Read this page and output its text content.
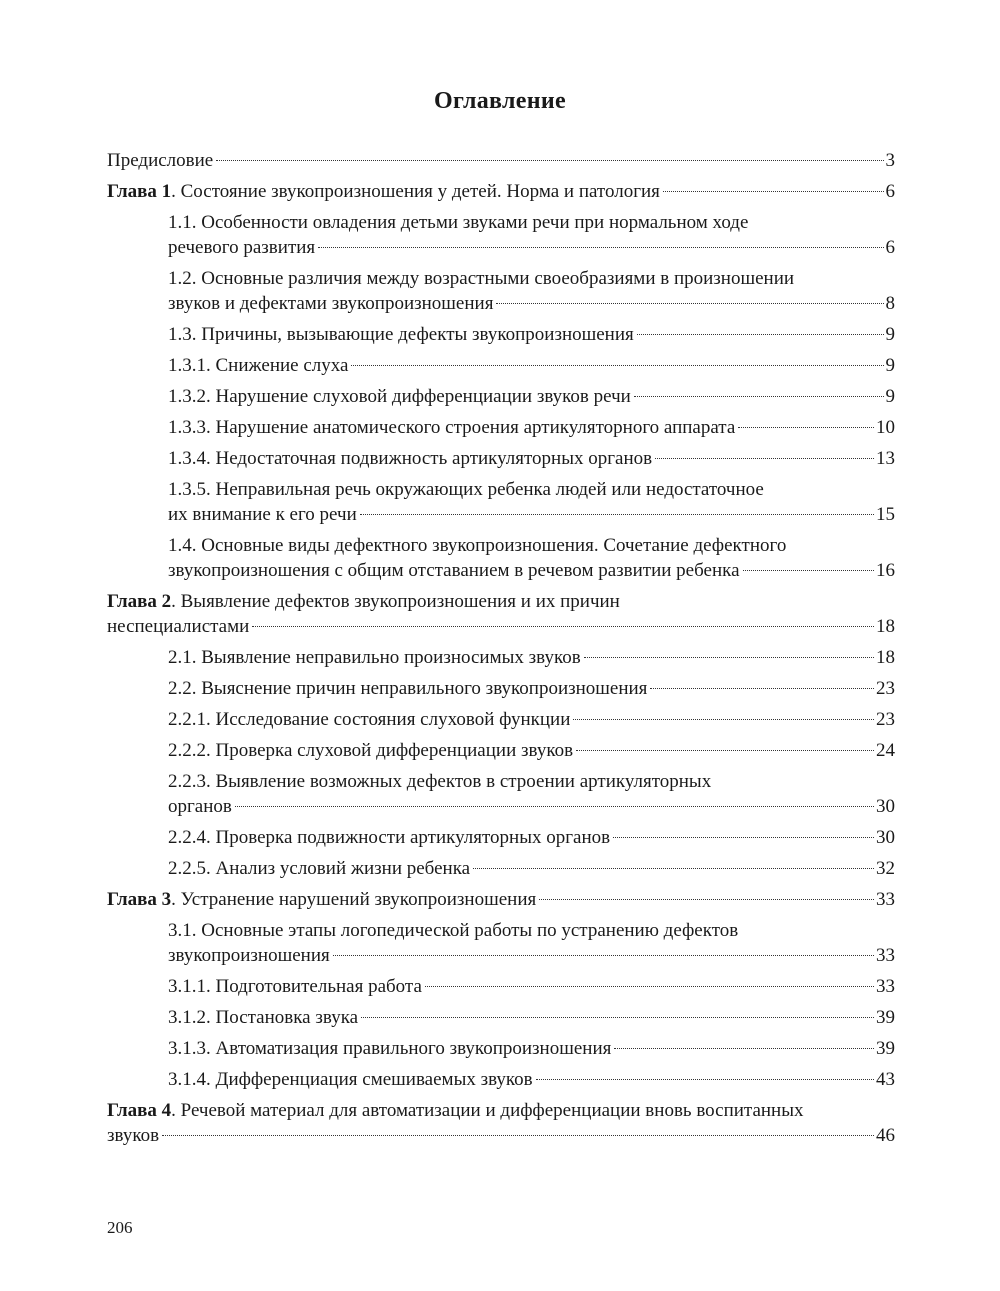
Оглавление
Предисловие	3
Глава 1. Состояние звукопроизношения у детей. Норма и патология	6
1.1. Особенности овладения детьми звуками речи при нормальном ходе
речевого развития	6
1.2. Основные различия между возрастными своеобразиями в произношении
звуков и дефектами звукопроизношения	8
1.3. Причины, вызывающие дефекты звукопроизношения	9
1.3.1. Снижение слуха	9
1.3.2. Нарушение слуховой дифференциации звуков речи	9
1.3.3. Нарушение анатомического строения артикуляторного аппарата	10
1.3.4. Недостаточная подвижность артикуляторных органов	13
1.3.5. Неправильная речь окружающих ребенка людей или недостаточное
их внимание к его речи	15
1.4. Основные виды дефектного звукопроизношения. Сочетание дефектного
звукопроизношения с общим отставанием в речевом развитии ребенка	16
Глава 2. Выявление дефектов звукопроизношения и их причин
неспециалистами	18
2.1. Выявление неправильно произносимых звуков	18
2.2. Выяснение причин неправильного звукопроизношения	23
2.2.1. Исследование состояния слуховой функции	23
2.2.2. Проверка слуховой дифференциации звуков	24
2.2.3. Выявление возможных дефектов в строении артикуляторных
органов	30
2.2.4. Проверка подвижности артикуляторных органов	30
2.2.5. Анализ условий жизни ребенка	32
Глава 3. Устранение нарушений звукопроизношения	33
3.1. Основные этапы логопедической работы по устранению дефектов
звукопроизношения	33
3.1.1. Подготовительная работа	33
3.1.2. Постановка звука	39
3.1.3. Автоматизация правильного звукопроизношения	39
3.1.4. Дифференциация смешиваемых звуков	43
Глава 4. Речевой материал для автоматизации и дифференциации вновь воспитанных
звуков	46
206
